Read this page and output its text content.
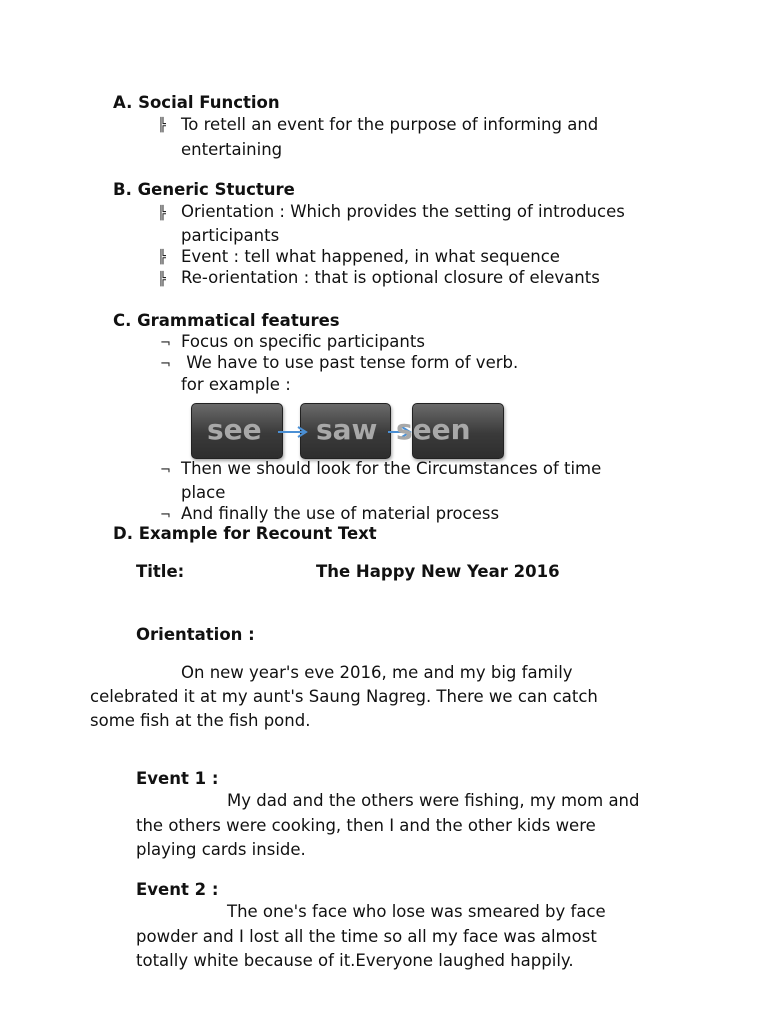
A. Social Function
╠ To retell an event for the purpose of informing and
entertaining
B. Generic Stucture
╠ Orientation : Which provides the setting of introduces
participants
╠ Event : tell what happened, in what sequence
╠ Re-orientation : that is optional closure of elevants
C. Grammatical features
¬ Focus on specific participants
¬ We have to use past tense form of verb.
for example :
see saw seen
¬ Then we should look for the Circumstances of time
place
¬ And finally the use of material process
D. Example for Recount Text
Title:	The Happy New Year 2016
Orientation :
On new year's eve 2016, me and my big family
celebrated it at my aunt's Saung Nagreg. There we can catch
some fish at the fish pond.
Event 1 :
My dad and the others were fishing, my mom and
the others were cooking, then I and the other kids were
playing cards inside.
Event 2 :
The one's face who lose was smeared by face
powder and I lost all the time so all my face was almost
totally white because of it.Everyone laughed happily.
